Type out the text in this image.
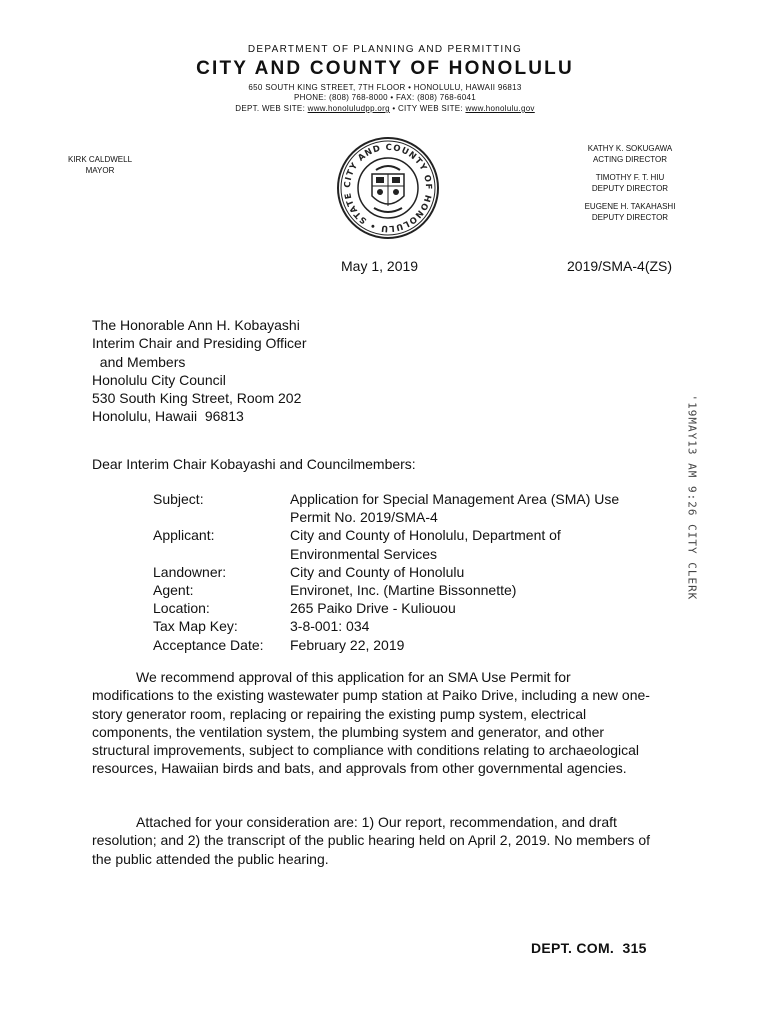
DEPARTMENT OF PLANNING AND PERMITTING
CITY AND COUNTY OF HONOLULU
650 SOUTH KING STREET, 7TH FLOOR • HONOLULU, HAWAII 96813
PHONE: (808) 768-8000 • FAX: (808) 768-6041
DEPT. WEB SITE: www.honoluludpp.org • CITY WEB SITE: www.honolulu.gov
KIRK CALDWELL
MAYOR
CITY AND COUNTY OF HONOLULU • STATE
KATHY K. SOKUGAWA
ACTING DIRECTOR
TIMOTHY F. T. HIU
DEPUTY DIRECTOR
EUGENE H. TAKAHASHI
DEPUTY DIRECTOR
May 1, 2019	2019/SMA-4(ZS)
The Honorable Ann H. Kobayashi
Interim Chair and Presiding Officer
and Members
Honolulu City Council
530 South King Street, Room 202
Honolulu, Hawaii  96813
Dear Interim Chair Kobayashi and Councilmembers:
Subject:	Application for Special Management Area (SMA) Use Permit No. 2019/SMA-4
Applicant:	City and County of Honolulu, Department of Environmental Services
Landowner:	City and County of Honolulu
Agent:	Environet, Inc. (Martine Bissonnette)
Location:	265 Paiko Drive - Kuliouou
Tax Map Key:	3-8-001: 034
Acceptance Date:	February 22, 2019
We recommend approval of this application for an SMA Use Permit for modifications to the existing wastewater pump station at Paiko Drive, including a new one-story generator room, replacing or repairing the existing pump system, electrical components, the ventilation system, the plumbing system and generator, and other structural improvements, subject to compliance with conditions relating to archaeological resources, Hawaiian birds and bats, and approvals from other governmental agencies.
Attached for your consideration are: 1) Our report, recommendation, and draft resolution; and 2) the transcript of the public hearing held on April 2, 2019. No members of the public attended the public hearing.
'19MAY13 AM 9:26 CITY CLERK
DEPT. COM.  315
